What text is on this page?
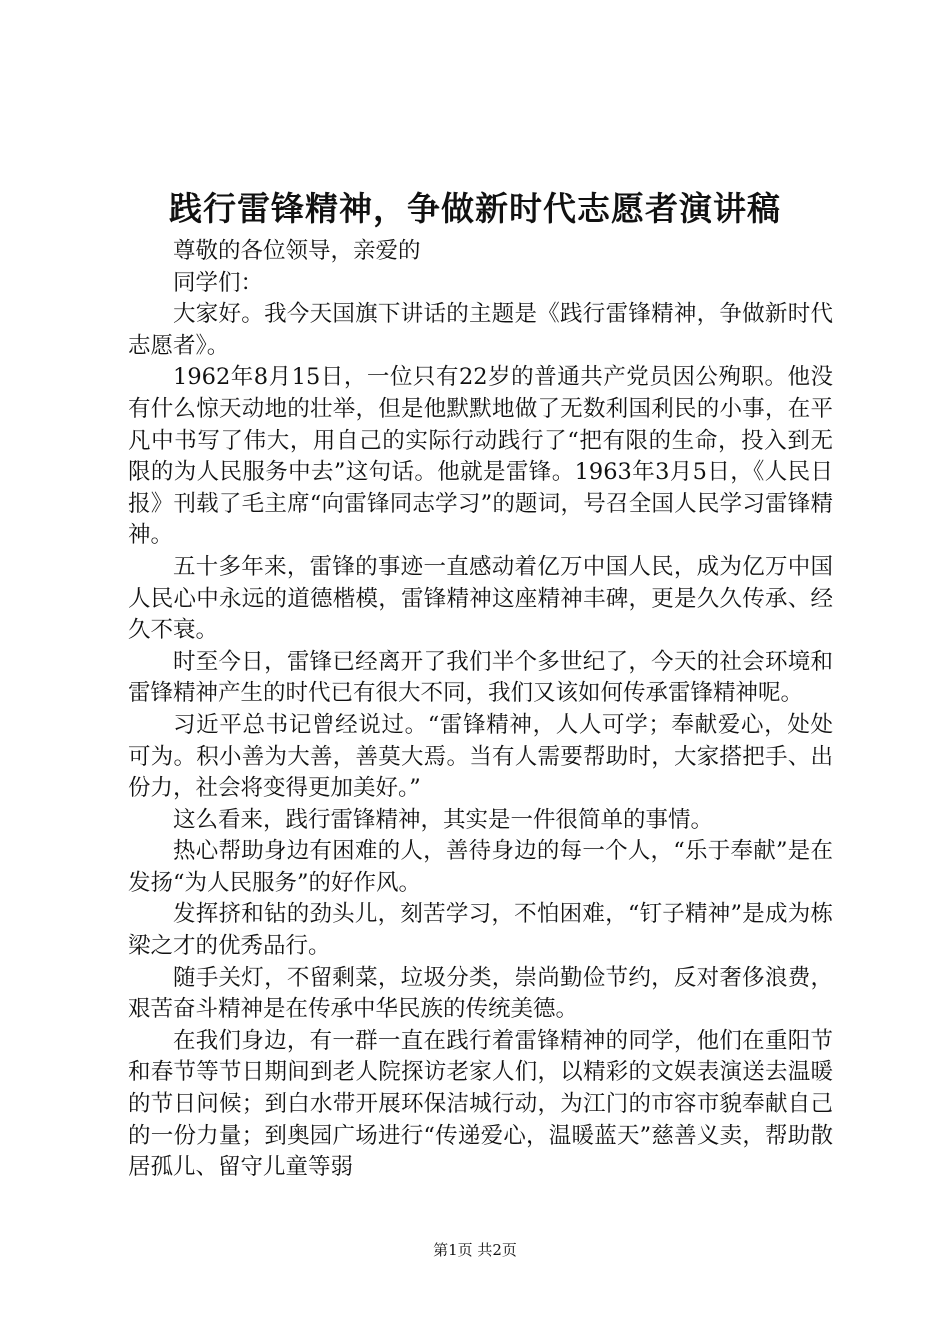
践行雷锋精神，争做新时代志愿者演讲稿

尊敬的各位领导，亲爱的

同学们：

大家好。我今天国旗下讲话的主题是《践行雷锋精神，争做新时代志愿者》。

1962年8月15日，一位只有22岁的普通共产党员因公殉职。他没有什么惊天动地的壮举，但是他默默地做了无数利国利民的小事，在平凡中书写了伟大，用自己的实际行动践行了“把有限的生命，投入到无限的为人民服务中去”这句话。他就是雷锋。1963年3月5日，《人民日报》刊载了毛主席“向雷锋同志学习”的题词，号召全国人民学习雷锋精神。

五十多年来，雷锋的事迹一直感动着亿万中国人民，成为亿万中国人民心中永远的道德楷模，雷锋精神这座精神丰碑，更是久久传承、经久不衰。

时至今日，雷锋已经离开了我们半个多世纪了，今天的社会环境和雷锋精神产生的时代已有很大不同，我们又该如何传承雷锋精神呢。

习近平总书记曾经说过。“雷锋精神，人人可学；奉献爱心，处处可为。积小善为大善，善莫大焉。当有人需要帮助时，大家搭把手、出份力，社会将变得更加美好。”

这么看来，践行雷锋精神，其实是一件很简单的事情。

热心帮助身边有困难的人，善待身边的每一个人，“乐于奉献”是在发扬“为人民服务”的好作风。

发挥挤和钻的劲头儿，刻苦学习，不怕困难，“钉子精神”是成为栋梁之才的优秀品行。

随手关灯，不留剩菜，垃圾分类，崇尚勤俭节约，反对奢侈浪费，艰苦奋斗精神是在传承中华民族的传统美德。

在我们身边，有一群一直在践行着雷锋精神的同学，他们在重阳节和春节等节日期间到老人院探访老家人们，以精彩的文娱表演送去温暖的节日问候；到白水带开展环保洁城行动，为江门的市容市貌奉献自己的一份力量；到奥园广场进行“传递爱心，温暖蓝天”慈善义卖，帮助散居孤儿、留守儿童等弱

第1页 共2页
